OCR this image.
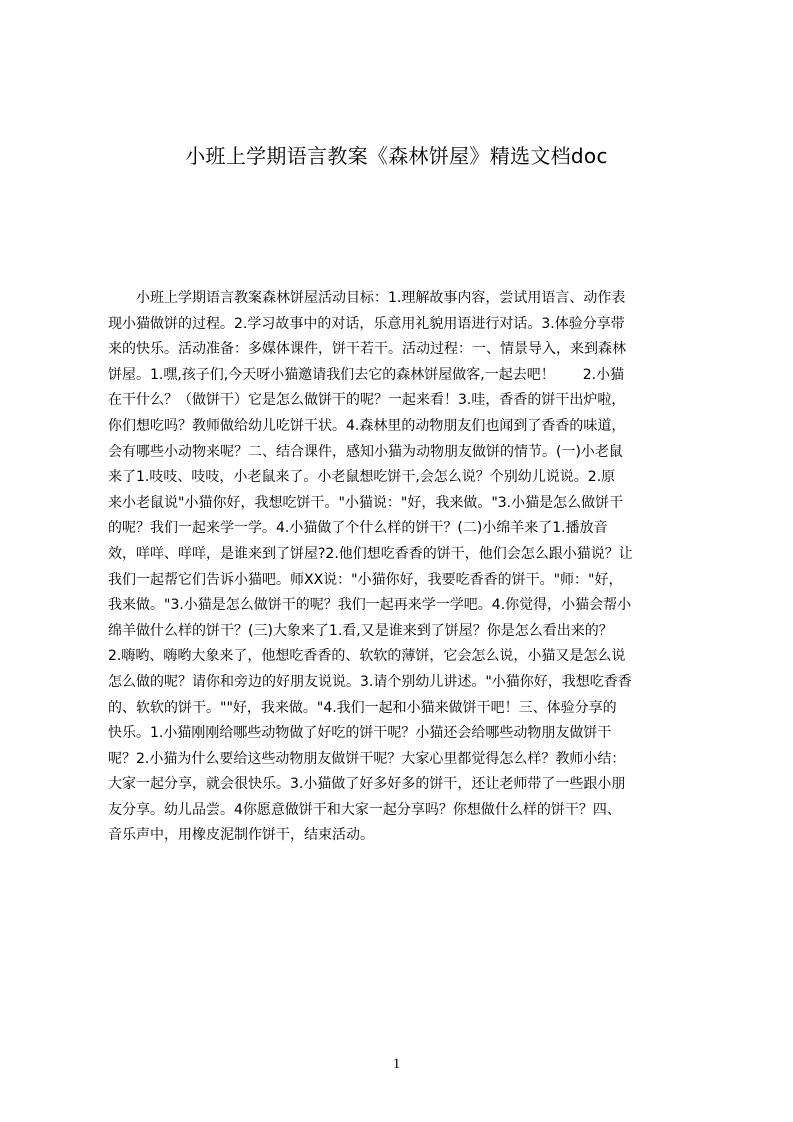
小班上学期语言教案《森林饼屋》精选文档doc
　　小班上学期语言教案森林饼屋活动目标：1.理解故事内容，尝试用语言、动作表
现小猫做饼的过程。2.学习故事中的对话，乐意用礼貌用语进行对话。3.体验分享带
来的快乐。活动准备：多媒体课件，饼干若干。活动过程：一、情景导入，来到森林
饼屋。1.嘿,孩子们,今天呀小猫邀请我们去它的森林饼屋做客,一起去吧！　　2.小猫
在干什么？（做饼干）它是怎么做饼干的呢？一起来看！3.哇，香香的饼干出炉啦，
你们想吃吗？教师做给幼儿吃饼干状。4.森林里的动物朋友们也闻到了香香的味道，
会有哪些小动物来呢？二、结合课件，感知小猫为动物朋友做饼的情节。(一)小老鼠
来了1.吱吱、吱吱，小老鼠来了。小老鼠想吃饼干,会怎么说？个别幼儿说说。2.原
来小老鼠说"小猫你好，我想吃饼干。"小猫说："好，我来做。"3.小猫是怎么做饼干
的呢？我们一起来学一学。4.小猫做了个什么样的饼干？(二)小绵羊来了1.播放音
效，咩咩、咩咩，是谁来到了饼屋?2.他们想吃香香的饼干，他们会怎么跟小猫说？让
我们一起帮它们告诉小猫吧。师XX说："小猫你好，我要吃香香的饼干。"师："好，
我来做。"3.小猫是怎么做饼干的呢？我们一起再来学一学吧。4.你觉得，小猫会帮小
绵羊做什么样的饼干？(三)大象来了1.看,又是谁来到了饼屋？你是怎么看出来的？
2.嗨哟、嗨哟大象来了，他想吃香香的、软软的薄饼，它会怎么说，小猫又是怎么说
怎么做的呢？请你和旁边的好朋友说说。3.请个别幼儿讲述。"小猫你好，我想吃香香
的、软软的饼干。""好，我来做。"4.我们一起和小猫来做饼干吧！三、体验分享的
快乐。1.小猫刚刚给哪些动物做了好吃的饼干呢？小猫还会给哪些动物朋友做饼干
呢？2.小猫为什么要给这些动物朋友做饼干呢？大家心里都觉得怎么样？教师小结：
大家一起分享，就会很快乐。3.小猫做了好多好多的饼干，还让老师带了一些跟小朋
友分享。幼儿品尝。4你愿意做饼干和大家一起分享吗？你想做什么样的饼干？四、
音乐声中，用橡皮泥制作饼干，结束活动。
1
